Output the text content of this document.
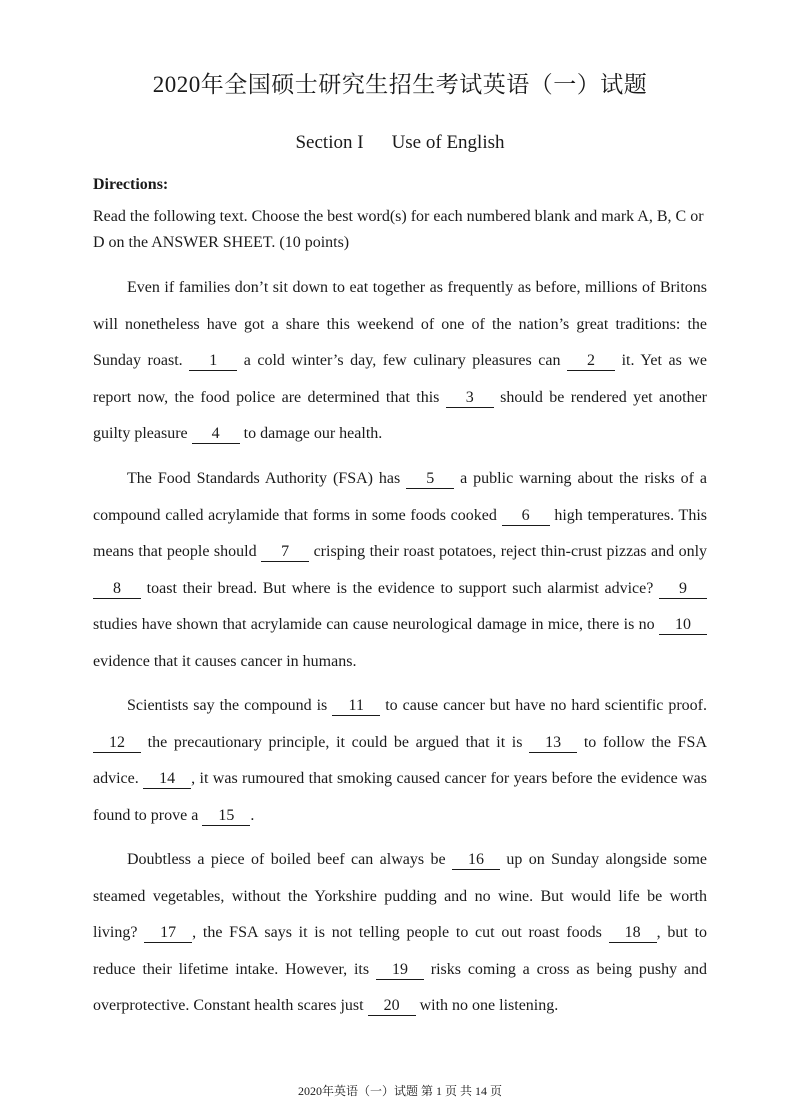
2020年全国硕士研究生招生考试英语（一）试题
Section I Use of English
Directions:
Read the following text. Choose the best word(s) for each numbered blank and mark A, B, C or D on the ANSWER SHEET. (10 points)

Even if families don’t sit down to eat together as frequently as before, millions of Britons will nonetheless have got a share this weekend of one of the nation’s great traditions: the Sunday roast. 1 a cold winter’s day, few culinary pleasures can 2 it. Yet as we report now, the food police are determined that this 3 should be rendered yet another guilty pleasure 4 to damage our health.

The Food Standards Authority (FSA) has 5 a public warning about the risks of a compound called acrylamide that forms in some foods cooked 6 high temperatures. This means that people should 7 crisping their roast potatoes, reject thin-crust pizzas and only 8 toast their bread. But where is the evidence to support such alarmist advice? 9 studies have shown that acrylamide can cause neurological damage in mice, there is no 10 evidence that it causes cancer in humans.

Scientists say the compound is 11 to cause cancer but have no hard scientific proof. 12 the precautionary principle, it could be argued that it is 13 to follow the FSA advice. 14 , it was rumoured that smoking caused cancer for years before the evidence was found to prove a 15 .

Doubtless a piece of boiled beef can always be 16 up on Sunday alongside some steamed vegetables, without the Yorkshire pudding and no wine. But would life be worth living? 17 , the FSA says it is not telling people to cut out roast foods 18 , but to reduce their lifetime intake. However, its 19 risks coming a cross as being pushy and overprotective. Constant health scares just 20 with no one listening.

2020年英语（一）试题 第 1 页 共 14 页
